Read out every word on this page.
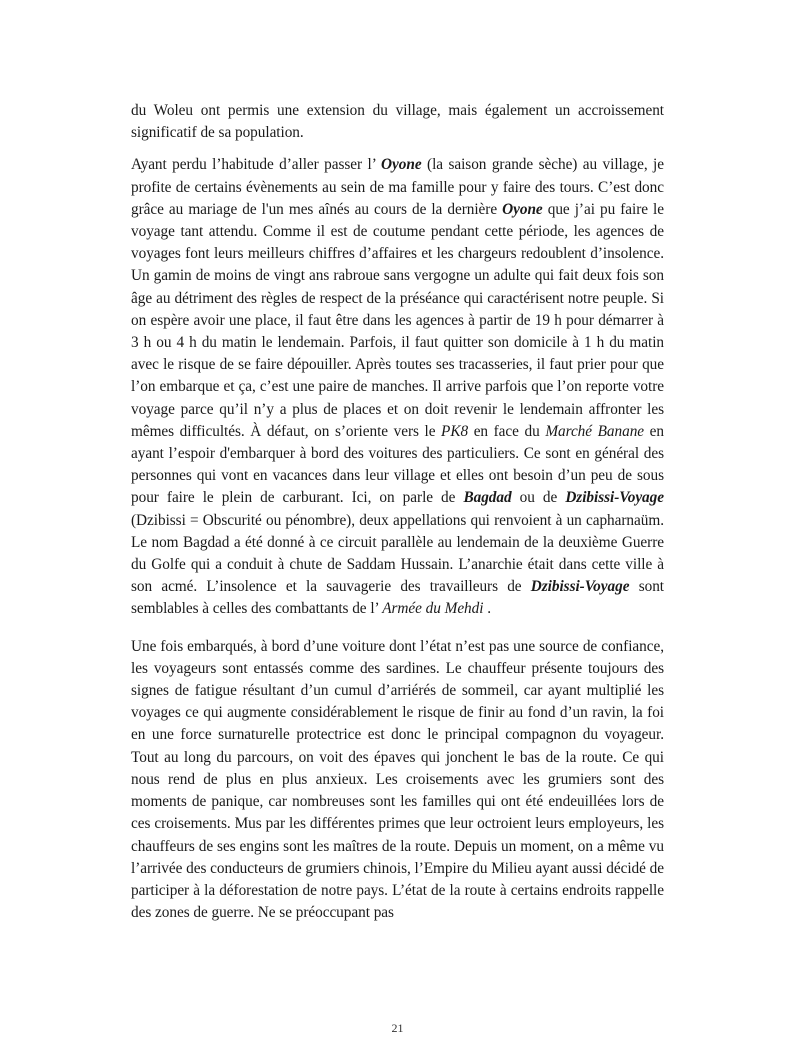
du Woleu ont permis une extension du village, mais également un accroissement significatif de sa population.

Ayant perdu l’habitude d’aller passer l’ Oyone (la saison grande sèche) au village, je profite de certains évènements au sein de ma famille pour y faire des tours. C’est donc grâce au mariage de l'un mes aînés au cours de la dernière Oyone que j’ai pu faire le voyage tant attendu. Comme il est de coutume pendant cette période, les agences de voyages font leurs meilleurs chiffres d’affaires et les chargeurs redoublent d’insolence. Un gamin de moins de vingt ans rabroue sans vergogne un adulte qui fait deux fois son âge au détriment des règles de respect de la préséance qui caractérisent notre peuple. Si on espère avoir une place, il faut être dans les agences à partir de 19 h pour démarrer à 3 h ou 4 h du matin le lendemain. Parfois, il faut quitter son domicile à 1 h du matin avec le risque de se faire dépouiller. Après toutes ses tracasseries, il faut prier pour que l’on embarque et ça, c’est une paire de manches. Il arrive parfois que l’on reporte votre voyage parce qu’il n’y a plus de places et on doit revenir le lendemain affronter les mêmes difficultés. À défaut, on s’oriente vers le PK8 en face du Marché Banane en ayant l’espoir d'embarquer à bord des voitures des particuliers. Ce sont en général des personnes qui vont en vacances dans leur village et elles ont besoin d’un peu de sous pour faire le plein de carburant. Ici, on parle de Bagdad ou de Dzibissi-Voyage (Dzibissi = Obscurité ou pénombre), deux appellations qui renvoient à un capharnaüm. Le nom Bagdad a été donné à ce circuit parallèle au lendemain de la deuxième Guerre du Golfe qui a conduit à chute de Saddam Hussain. L’anarchie était dans cette ville à son acmé. L’insolence et la sauvagerie des travailleurs de Dzibissi-Voyage sont semblables à celles des combattants de l’ Armée du Mehdi .

Une fois embarqués, à bord d’une voiture dont l’état n’est pas une source de confiance, les voyageurs sont entassés comme des sardines. Le chauffeur présente toujours des signes de fatigue résultant d’un cumul d’arriérés de sommeil, car ayant multiplié les voyages ce qui augmente considérablement le risque de finir au fond d’un ravin, la foi en une force surnaturelle protectrice est donc le principal compagnon du voyageur. Tout au long du parcours, on voit des épaves qui jonchent le bas de la route. Ce qui nous rend de plus en plus anxieux. Les croisements avec les grumiers sont des moments de panique, car nombreuses sont les familles qui ont été endeuillées lors de ces croisements. Mus par les différentes primes que leur octroient leurs employeurs, les chauffeurs de ses engins sont les maîtres de la route. Depuis un moment, on a même vu l’arrivée des conducteurs de grumiers chinois, l’Empire du Milieu ayant aussi décidé de participer à la déforestation de notre pays. L’état de la route à certains endroits rappelle des zones de guerre. Ne se préoccupant pas

21
